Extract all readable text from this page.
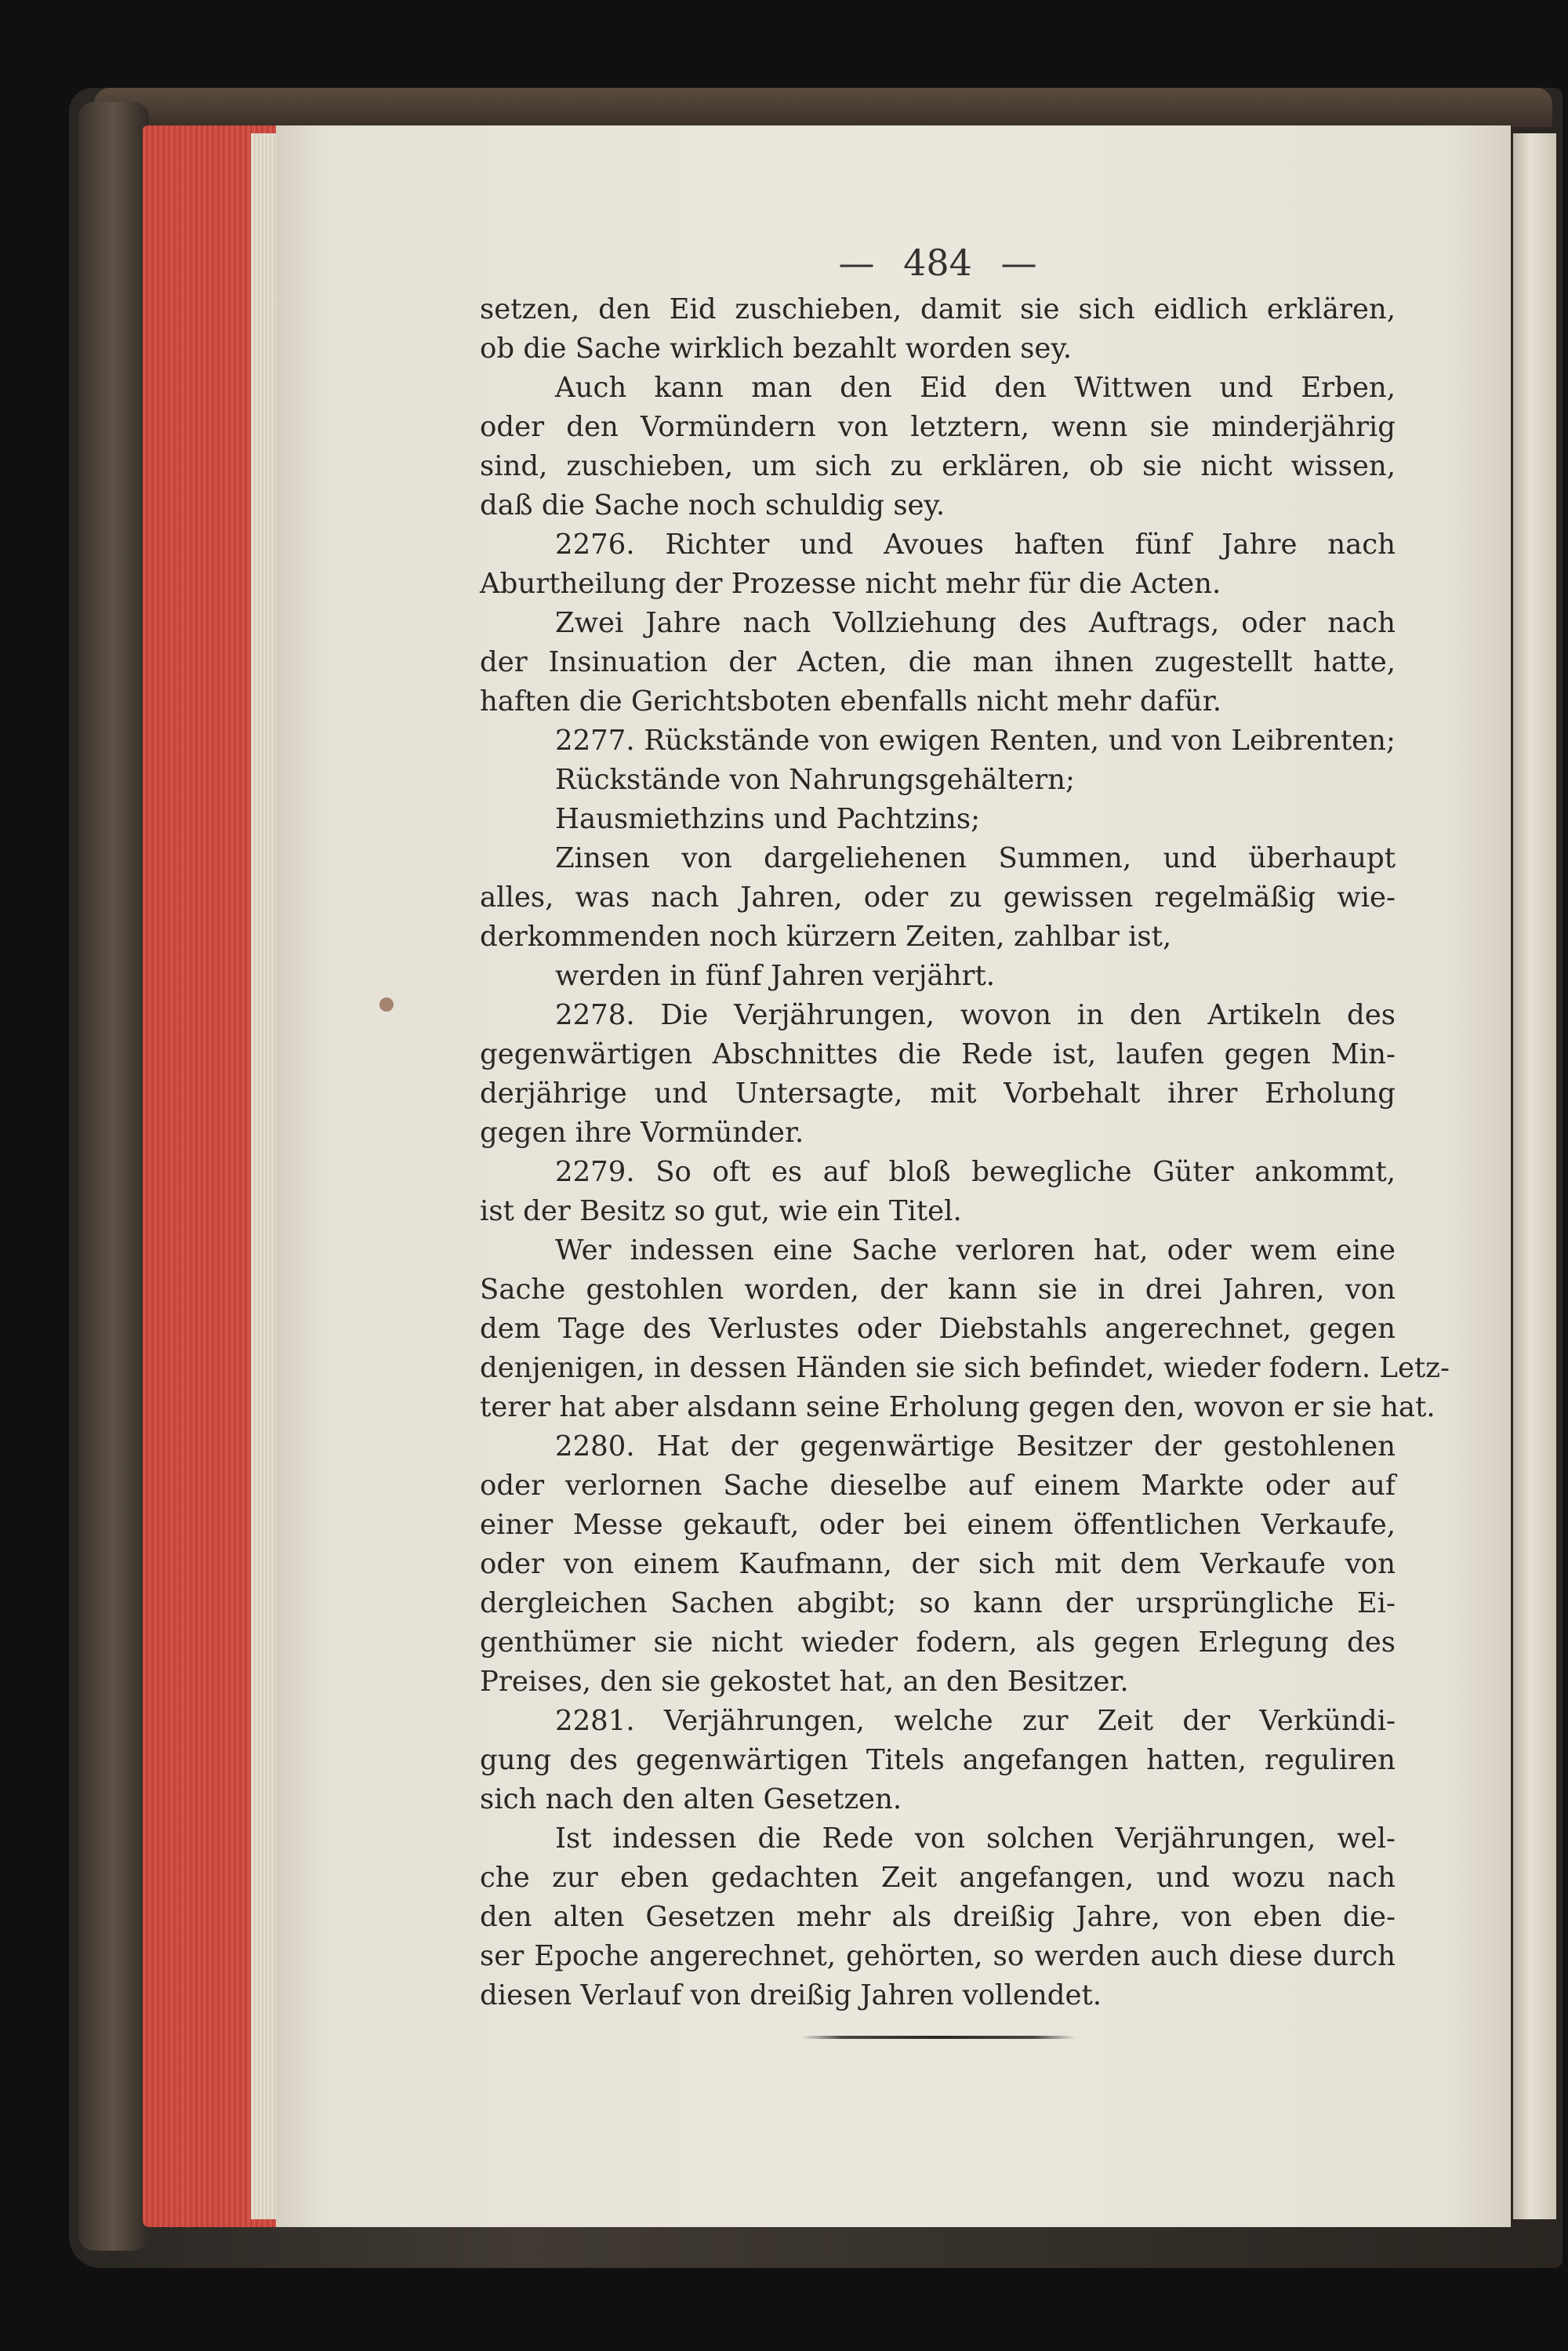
— 484 —
setzen, den Eid zuschieben, damit sie sich eidlich erklären,
ob die Sache wirklich bezahlt worden sey.
Auch kann man den Eid den Wittwen und Erben,
oder den Vormündern von letztern, wenn sie minderjährig
sind, zuschieben, um sich zu erklären, ob sie nicht wissen,
daß die Sache noch schuldig sey.
2276. Richter und Avoues haften fünf Jahre nach
Aburtheilung der Prozesse nicht mehr für die Acten.
Zwei Jahre nach Vollziehung des Auftrags, oder nach
der Insinuation der Acten, die man ihnen zugestellt hatte,
haften die Gerichtsboten ebenfalls nicht mehr dafür.
2277. Rückstände von ewigen Renten, und von Leibrenten;
Rückstände von Nahrungsgehältern;
Hausmiethzins und Pachtzins;
Zinsen von dargeliehenen Summen, und überhaupt
alles, was nach Jahren, oder zu gewissen regelmäßig wie-
derkommenden noch kürzern Zeiten, zahlbar ist,
werden in fünf Jahren verjährt.
2278. Die Verjährungen, wovon in den Artikeln des
gegenwärtigen Abschnittes die Rede ist, laufen gegen Min-
derjährige und Untersagte, mit Vorbehalt ihrer Erholung
gegen ihre Vormünder.
2279. So oft es auf bloß bewegliche Güter ankommt,
ist der Besitz so gut, wie ein Titel.
Wer indessen eine Sache verloren hat, oder wem eine
Sache gestohlen worden, der kann sie in drei Jahren, von
dem Tage des Verlustes oder Diebstahls angerechnet, gegen
denjenigen, in dessen Händen sie sich befindet, wieder fodern. Letz-
terer hat aber alsdann seine Erholung gegen den, wovon er sie hat.
2280. Hat der gegenwärtige Besitzer der gestohlenen
oder verlornen Sache dieselbe auf einem Markte oder auf
einer Messe gekauft, oder bei einem öffentlichen Verkaufe,
oder von einem Kaufmann, der sich mit dem Verkaufe von
dergleichen Sachen abgibt; so kann der ursprüngliche Ei-
genthümer sie nicht wieder fodern, als gegen Erlegung des
Preises, den sie gekostet hat, an den Besitzer.
2281. Verjährungen, welche zur Zeit der Verkündi-
gung des gegenwärtigen Titels angefangen hatten, reguliren
sich nach den alten Gesetzen.
Ist indessen die Rede von solchen Verjährungen, wel-
che zur eben gedachten Zeit angefangen, und wozu nach
den alten Gesetzen mehr als dreißig Jahre, von eben die-
ser Epoche angerechnet, gehörten, so werden auch diese durch
diesen Verlauf von dreißig Jahren vollendet.
